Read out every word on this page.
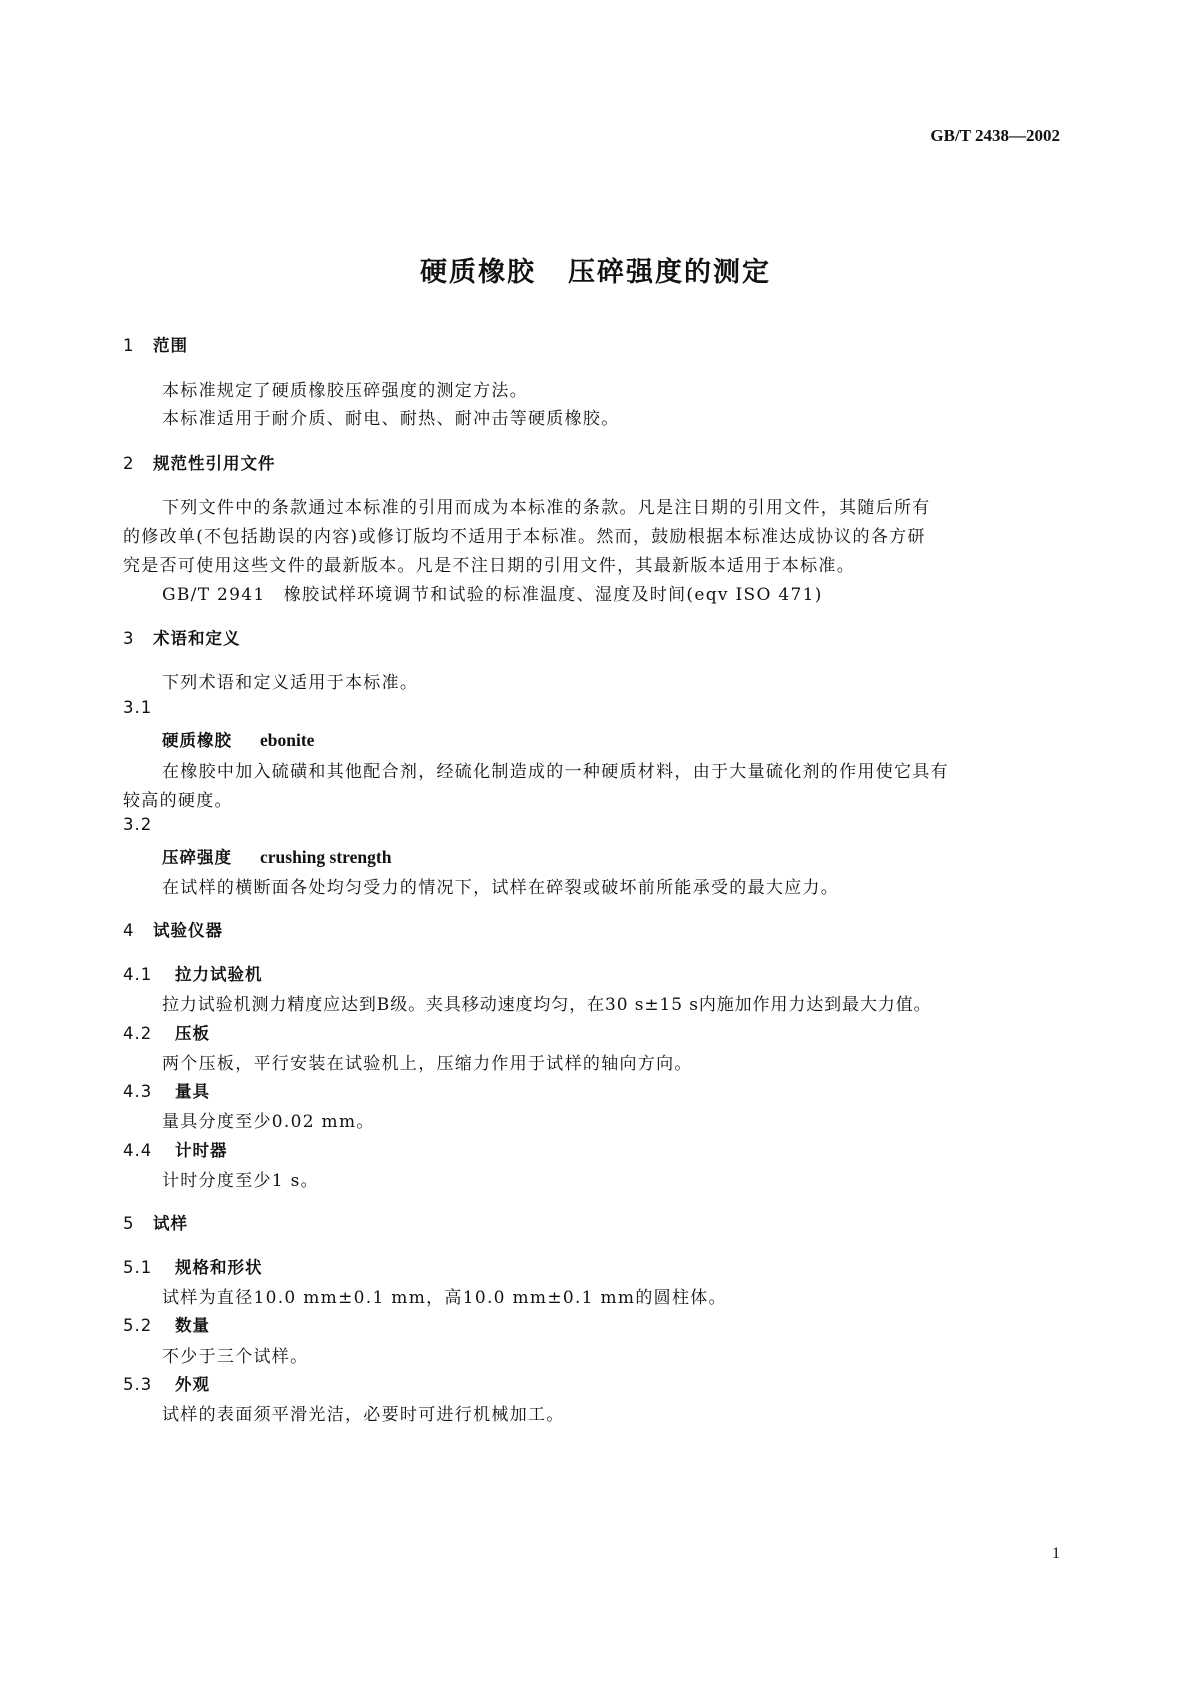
GB/T 2438—2002
硬质橡胶 压碎强度的测定
1 范围
本标准规定了硬质橡胶压碎强度的测定方法。
本标准适用于耐介质、耐电、耐热、耐冲击等硬质橡胶。
2 规范性引用文件
下列文件中的条款通过本标准的引用而成为本标准的条款。凡是注日期的引用文件，其随后所有
的修改单(不包括勘误的内容)或修订版均不适用于本标准。然而，鼓励根据本标准达成协议的各方研
究是否可使用这些文件的最新版本。凡是不注日期的引用文件，其最新版本适用于本标准。
GB/T 2941　橡胶试样环境调节和试验的标准温度、湿度及时间(eqv ISO 471)
3 术语和定义
下列术语和定义适用于本标准。
3.1
硬质橡胶 ebonite
在橡胶中加入硫磺和其他配合剂，经硫化制造成的一种硬质材料，由于大量硫化剂的作用使它具有
较高的硬度。
3.2
压碎强度 crushing strength
在试样的横断面各处均匀受力的情况下，试样在碎裂或破坏前所能承受的最大应力。
4 试验仪器
4.1 拉力试验机
拉力试验机测力精度应达到B级。夹具移动速度均匀，在30 s±15 s内施加作用力达到最大力值。
4.2 压板
两个压板，平行安装在试验机上，压缩力作用于试样的轴向方向。
4.3 量具
量具分度至少0.02 mm。
4.4 计时器
计时分度至少1 s。
5 试样
5.1 规格和形状
试样为直径10.0 mm±0.1 mm，高10.0 mm±0.1 mm的圆柱体。
5.2 数量
不少于三个试样。
5.3 外观
试样的表面须平滑光洁，必要时可进行机械加工。
1
